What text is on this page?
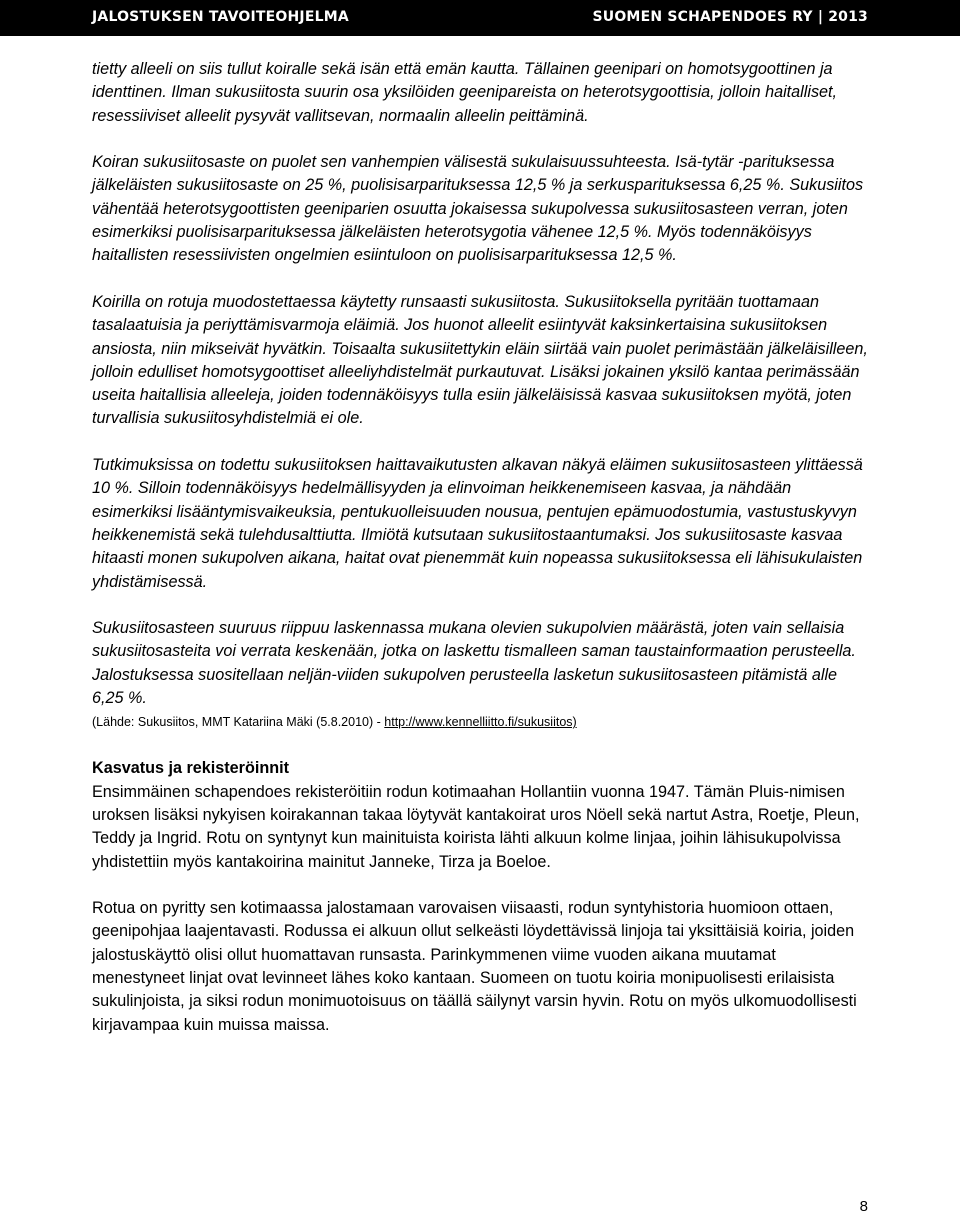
JALOSTUKSEN TAVOITEOHJELMA	SUOMEN SCHAPENDOES RY | 2013

tietty alleeli on siis tullut koiralle sekä isän että emän kautta. Tällainen geenipari on homotsygoottinen ja identtinen. Ilman sukusiitosta suurin osa yksilöiden geenipareista on heterotsygoottisia, jolloin haitalliset, resessiiviset alleelit pysyvät vallitsevan, normaalin alleelin peittäminä.

Koiran sukusiitosaste on puolet sen vanhempien välisestä sukulaisuussuhteesta. Isä-tytär -parituksessa jälkeläisten sukusiitosaste on 25 %, puolisisarparituksessa 12,5 % ja serkusparituksessa 6,25 %. Sukusiitos vähentää heterotsygoottisten geeniparien osuutta jokaisessa sukupolvessa sukusiitosasteen verran, joten esimerkiksi puolisisarparituksessa jälkeläisten heterotsygotia vähenee 12,5 %. Myös todennäköisyys haitallisten resessiivisten ongelmien esiintuloon on puolisisarparituksessa 12,5 %.

Koirilla on rotuja muodostettaessa käytetty runsaasti sukusiitosta. Sukusiitoksella pyritään tuottamaan tasalaatuisia ja periyttämisvarmoja eläimiä. Jos huonot alleelit esiintyvät kaksinkertaisina sukusiitoksen ansiosta, niin mikseivät hyvätkin. Toisaalta sukusiitettykin eläin siirtää vain puolet perimästään jälkeläisilleen, jolloin edulliset homotsygoottiset alleeliyhdistelmät purkautuvat. Lisäksi jokainen yksilö kantaa perimässään useita haitallisia alleeleja, joiden todennäköisyys tulla esiin jälkeläisissä kasvaa sukusiitoksen myötä, joten turvallisia sukusiitosyhdistelmiä ei ole.

Tutkimuksissa on todettu sukusiitoksen haittavaikutusten alkavan näkyä eläimen sukusiitosasteen ylittäessä 10 %. Silloin todennäköisyys hedelmällisyyden ja elinvoiman heikkenemiseen kasvaa, ja nähdään esimerkiksi lisääntymisvaikeuksia, pentukuolleisuuden nousua, pentujen epämuodostumia, vastustuskyvyn heikkenemistä sekä tulehdusalttiutta. Ilmiötä kutsutaan sukusiitostaantumaksi. Jos sukusiitosaste kasvaa hitaasti monen sukupolven aikana, haitat ovat pienemmät kuin nopeassa sukusiitoksessa eli lähisukulaisten yhdistämisessä.

Sukusiitosasteen suuruus riippuu laskennassa mukana olevien sukupolvien määrästä, joten vain sellaisia sukusiitosasteita voi verrata keskenään, jotka on laskettu tismalleen saman taustainformaation perusteella. Jalostuksessa suositellaan neljän-viiden sukupolven perusteella lasketun sukusiitosasteen pitämistä alle 6,25 %.

(Lähde: Sukusiitos, MMT Katariina Mäki (5.8.2010) - http://www.kennelliitto.fi/sukusiitos)

Kasvatus ja rekisteröinnit

Ensimmäinen schapendoes rekisteröitiin rodun kotimaahan Hollantiin vuonna 1947. Tämän Pluis-nimisen uroksen lisäksi nykyisen koirakannan takaa löytyvät kantakoirat uros Nöell sekä nartut Astra, Roetje, Pleun, Teddy ja Ingrid. Rotu on syntynyt kun mainituista koirista lähti alkuun kolme linjaa, joihin lähisukupolvissa yhdistettiin myös kantakoirina mainitut Janneke, Tirza ja Boeloe.

Rotua on pyritty sen kotimaassa jalostamaan varovaisen viisaasti, rodun syntyhistoria huomioon ottaen, geenipohjaa laajentavasti. Rodussa ei alkuun ollut selkeästi löydettävissä linjoja tai yksittäisiä koiria, joiden jalostuskäyttö olisi ollut huomattavan runsasta. Parinkymmenen viime vuoden aikana muutamat menestyneet linjat ovat levinneet lähes koko kantaan. Suomeen on tuotu koiria monipuolisesti erilaisista sukulinjoista, ja siksi rodun monimuotoisuus on täällä säilynyt varsin hyvin. Rotu on myös ulkomuodollisesti kirjavampaa kuin muissa maissa.

8
